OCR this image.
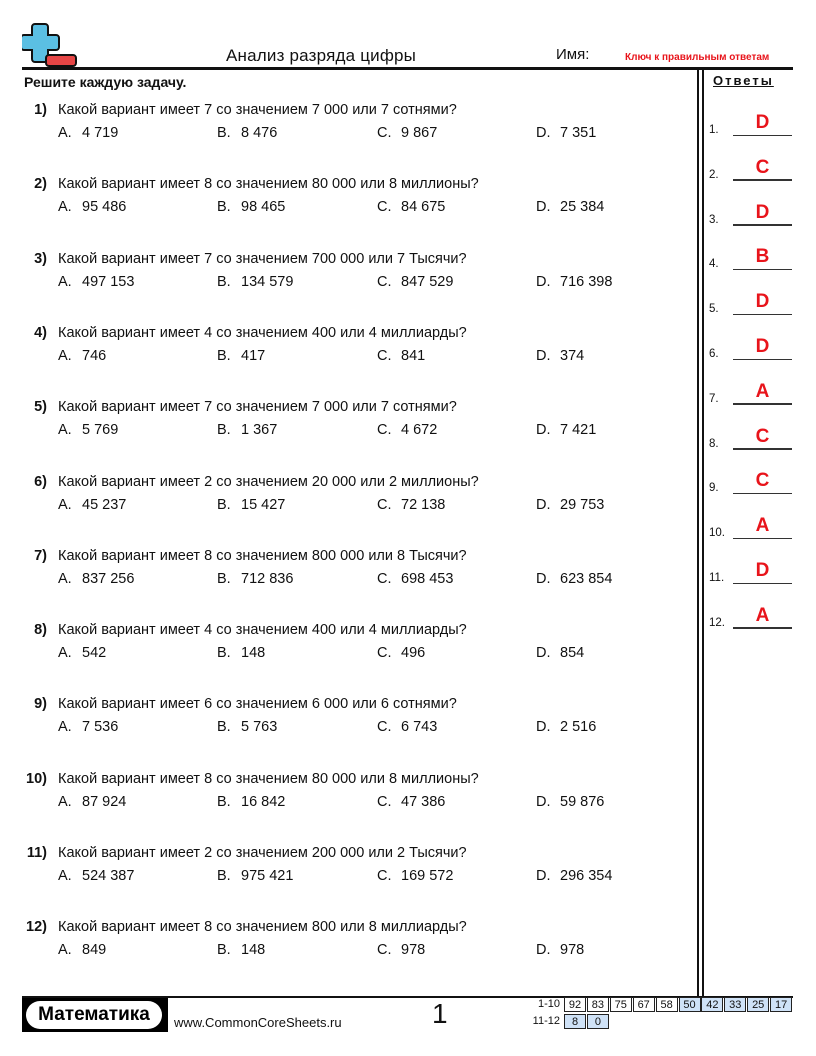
Анализ разряда цифры	Имя:	Ключ к правильным ответам
Решите каждую задачу.	Ответы
1) Какой вариант имеет 7 со значением 7 000 или 7 сотнями?
A. 4 719	B. 8 476	C. 9 867	D. 7 351
2) Какой вариант имеет 8 со значением 80 000 или 8 миллионы?
A. 95 486	B. 98 465	C. 84 675	D. 25 384
3) Какой вариант имеет 7 со значением 700 000 или 7 Тысячи?
A. 497 153	B. 134 579	C. 847 529	D. 716 398
4) Какой вариант имеет 4 со значением 400 или 4 миллиарды?
A. 746	B. 417	C. 841	D. 374
5) Какой вариант имеет 7 со значением 7 000 или 7 сотнями?
A. 5 769	B. 1 367	C. 4 672	D. 7 421
6) Какой вариант имеет 2 со значением 20 000 или 2 миллионы?
A. 45 237	B. 15 427	C. 72 138	D. 29 753
7) Какой вариант имеет 8 со значением 800 000 или 8 Тысячи?
A. 837 256	B. 712 836	C. 698 453	D. 623 854
8) Какой вариант имеет 4 со значением 400 или 4 миллиарды?
A. 542	B. 148	C. 496	D. 854
9) Какой вариант имеет 6 со значением 6 000 или 6 сотнями?
A. 7 536	B. 5 763	C. 6 743	D. 2 516
10) Какой вариант имеет 8 со значением 80 000 или 8 миллионы?
A. 87 924	B. 16 842	C. 47 386	D. 59 876
11) Какой вариант имеет 2 со значением 200 000 или 2 Тысячи?
A. 524 387	B. 975 421	C. 169 572	D. 296 354
12) Какой вариант имеет 8 со значением 800 или 8 миллиарды?
A. 849	B. 148	C. 978	D. 978
1.	D
2.	C
3.	D
4.	B
5.	D
6.	D
7.	A
8.	C
9.	C
10.	A
11.	D
12.	A
Математика	www.CommonCoreSheets.ru	1	1-10 92 83 75 67 58 50 42 33 25 17
11-12	8	0
